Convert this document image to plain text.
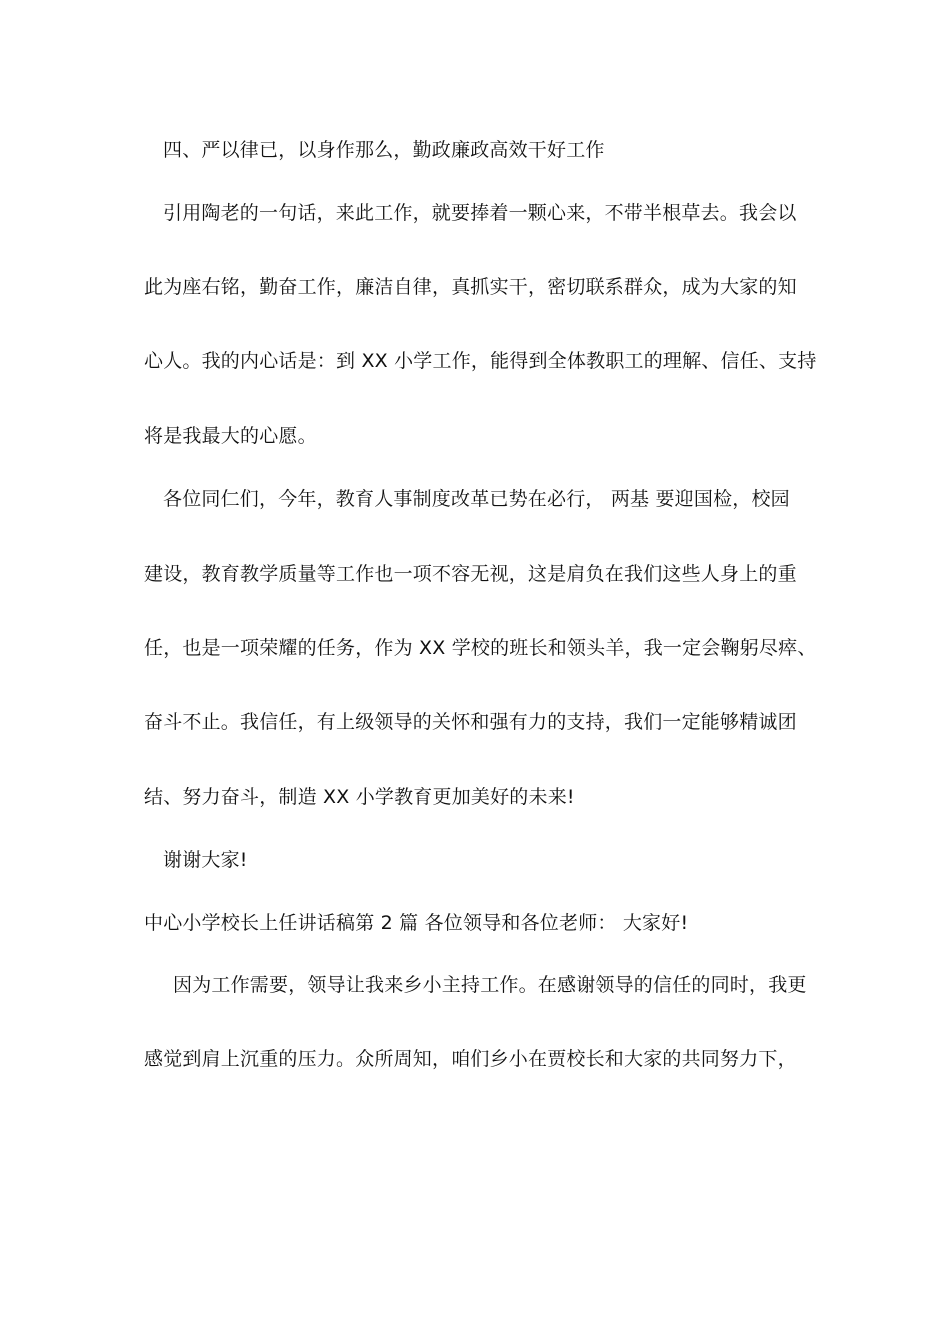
四、严以律已，以身作那么，勤政廉政高效干好工作
引用陶老的一句话，来此工作，就要捧着一颗心来，不带半根草去。我会以
此为座右铭，勤奋工作，廉洁自律，真抓实干，密切联系群众，成为大家的知
心人。我的内心话是：到 XX 小学工作，能得到全体教职工的理解、信任、支持
将是我最大的心愿。
各位同仁们，今年，教育人事制度改革已势在必行， 两基 要迎国检，校园
建设，教育教学质量等工作也一项不容无视，这是肩负在我们这些人身上的重
任，也是一项荣耀的任务，作为 XX 学校的班长和领头羊，我一定会鞠躬尽瘁、
奋斗不止。我信任，有上级领导的关怀和强有力的支持，我们一定能够精诚团
结、努力奋斗，制造 XX 小学教育更加美好的未来!
谢谢大家!
中心小学校长上任讲话稿第 2 篇 各位领导和各位老师： 大家好!
因为工作需要，领导让我来乡小主持工作。在感谢领导的信任的同时，我更
感觉到肩上沉重的压力。众所周知，咱们乡小在贾校长和大家的共同努力下，
